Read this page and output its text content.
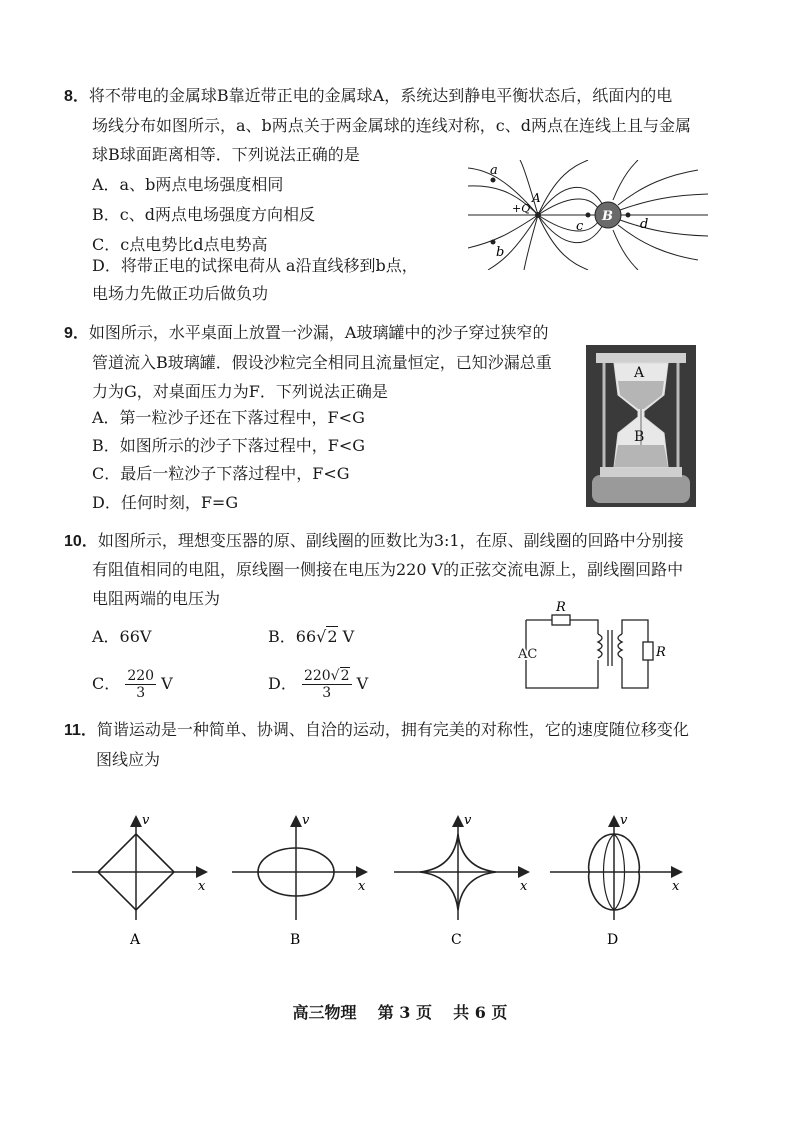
8．将不带电的金属球B靠近带正电的金属球A，系统达到静电平衡状态后，纸面内的电
场线分布如图所示，a、b两点关于两金属球的连线对称，c、d两点在连线上且与金属
球B球面距离相等．下列说法正确的是
A．a、b两点电场强度相同
B．c、d两点电场强度方向相反
C．c点电势比d点电势高
D．将带正电的试探电荷从 a沿直线移到b点，
电场力先做正功后做负功
a
b
c	d
A
B
+Q
9．如图所示，水平桌面上放置一沙漏，A玻璃罐中的沙子穿过狭窄的
管道流入B玻璃罐．假设沙粒完全相同且流量恒定，已知沙漏总重
力为G，对桌面压力为F．下列说法正确是
A．第一粒沙子还在下落过程中，F<G
B．如图所示的沙子下落过程中，F<G
C．最后一粒沙子下落过程中，F<G
D．任何时刻，F=G
A
B
10．如图所示，理想变压器的原、副线圈的匝数比为3:1，在原、副线圈的回路中分别接
有阻值相同的电阻，原线圈一侧接在电压为220 V的正弦交流电源上，副线圈回路中
电阻两端的电压为
A．66V	B．66√2 V
C． $\frac{220}{3}$ V	D． $\frac{220√2}{3}$ V
R
R
AC
11．简谐运动是一种简单、协调、自洽的运动，拥有完美的对称性，它的速度随位移变化
图线应为
v
x
A
v
x
B
v
x
C
v
x
D
高三物理 第 3 页 共 6 页
